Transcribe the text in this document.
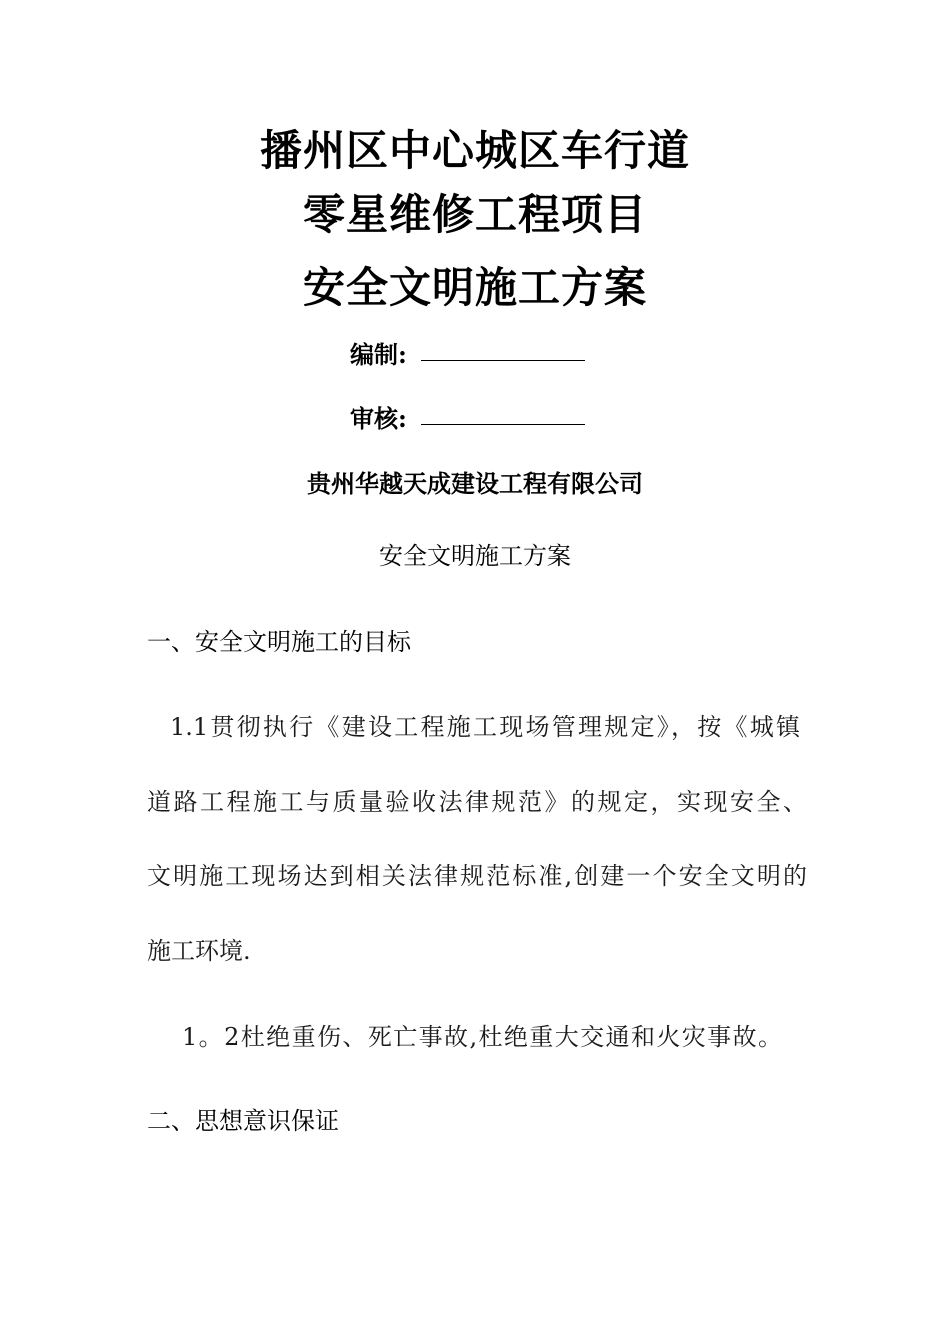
播州区中心城区车行道
零星维修工程项目
安全文明施工方案
编制:
审核:
贵州华越天成建设工程有限公司
安全文明施工方案
一、安全文明施工的目标
1.1贯彻执行《建设工程施工现场管理规定》，按《城镇
道路工程施工与质量验收法律规范》的规定，实现安全、
文明施工现场达到相关法律规范标准,创建一个安全文明的
施工环境.
1。2杜绝重伤、死亡事故,杜绝重大交通和火灾事故。
二、思想意识保证
